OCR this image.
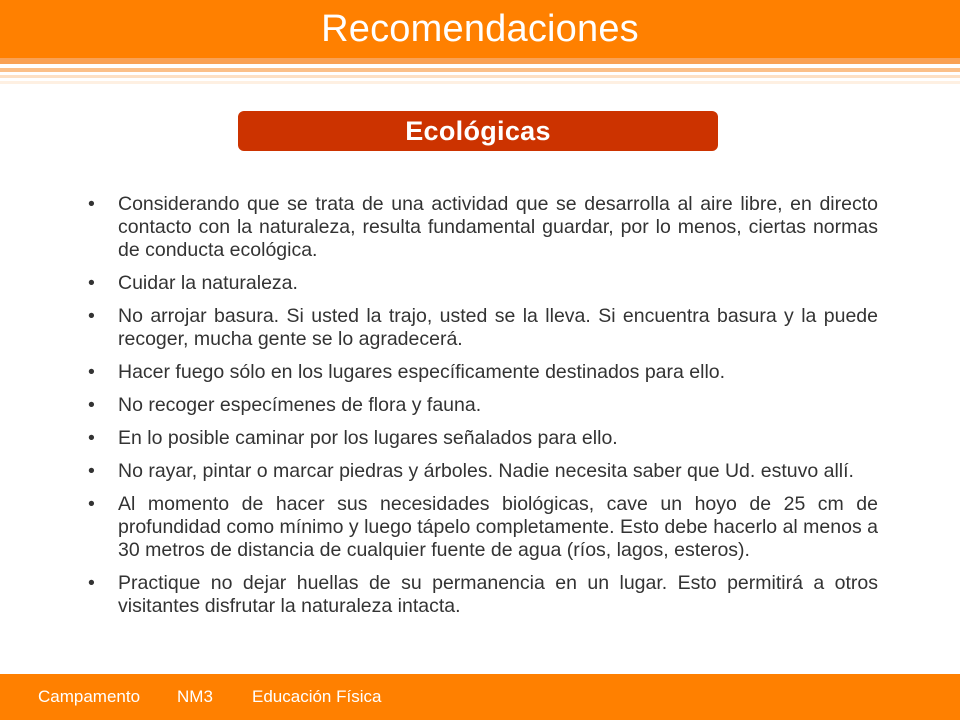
Recomendaciones
Ecológicas
• Considerando que se trata de una actividad que se desarrolla al aire libre, en directo contacto con la naturaleza, resulta fundamental guardar, por lo menos, ciertas normas de conducta ecológica.
• Cuidar la naturaleza.
• No arrojar basura. Si usted la trajo, usted se la lleva. Si encuentra basura y la puede recoger, mucha gente se lo agradecerá.
• Hacer fuego sólo en los lugares específicamente destinados para ello.
• No recoger especímenes de flora y fauna.
• En lo posible caminar por los lugares señalados para ello.
• No rayar, pintar o marcar piedras y árboles. Nadie necesita saber que Ud. estuvo allí.
• Al momento de hacer sus necesidades biológicas, cave un hoyo de 25 cm de profundidad como mínimo y luego tápelo completamente. Esto debe hacerlo al menos a 30 metros de distancia de cualquier fuente de agua (ríos, lagos, esteros).
• Practique no dejar huellas de su permanencia en un lugar. Esto permitirá a otros visitantes disfrutar la naturaleza intacta.
Campamento NM3 Educación Física
